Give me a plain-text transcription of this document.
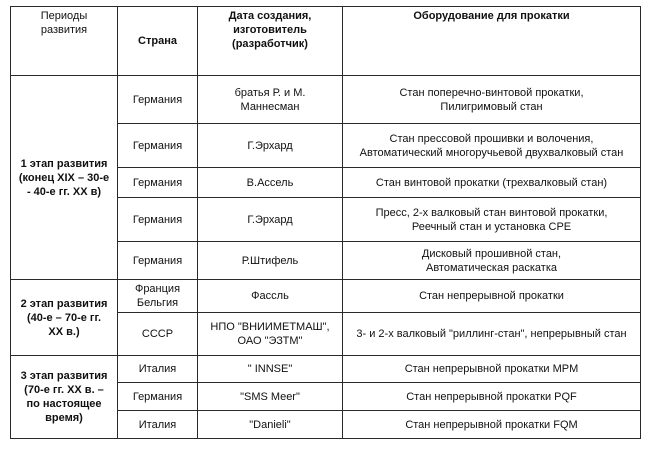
Периоды
развития	Страна	Дата создания,
изготовитель
(разработчик)	Оборудование для прокатки

1 этап развития
(конец XIX – 30-е
- 40-е гг. XX в)	Германия	братья Р. и М.
Маннесман	Стан поперечно-винтовой прокатки,
Пилигримовый стан

	Германия	Г.Эрхард	Стан прессовой прошивки и волочения,
Автоматический многоручьевой двухвалковый стан

	Германия	В.Ассель	Стан винтовой прокатки (трехвалковый стан)

	Германия	Г.Эрхард	Пресс, 2-х валковый стан винтовой прокатки,
Реечный стан и установка СРЕ

	Германия	Р.Штифель	Дисковый прошивной стан,
Автоматическая раскатка

2 этап развития
(40-е – 70-е гг.
XX в.)	Франция
Бельгия	Фассль	Стан непрерывной прокатки

	СССР	НПО "ВНИИМЕТМАШ",
ОАО "ЭЗТМ"	3- и 2-х валковый "риллинг-стан", непрерывный стан

3 этап развития
(70-е гг. XX в. –
по настоящее
время)	Италия	" INNSE"	Стан непрерывной прокатки MPM

	Германия	"SMS Meer"	Стан непрерывной прокатки PQF

	Италия	"Danieli"	Стан непрерывной прокатки FQM
